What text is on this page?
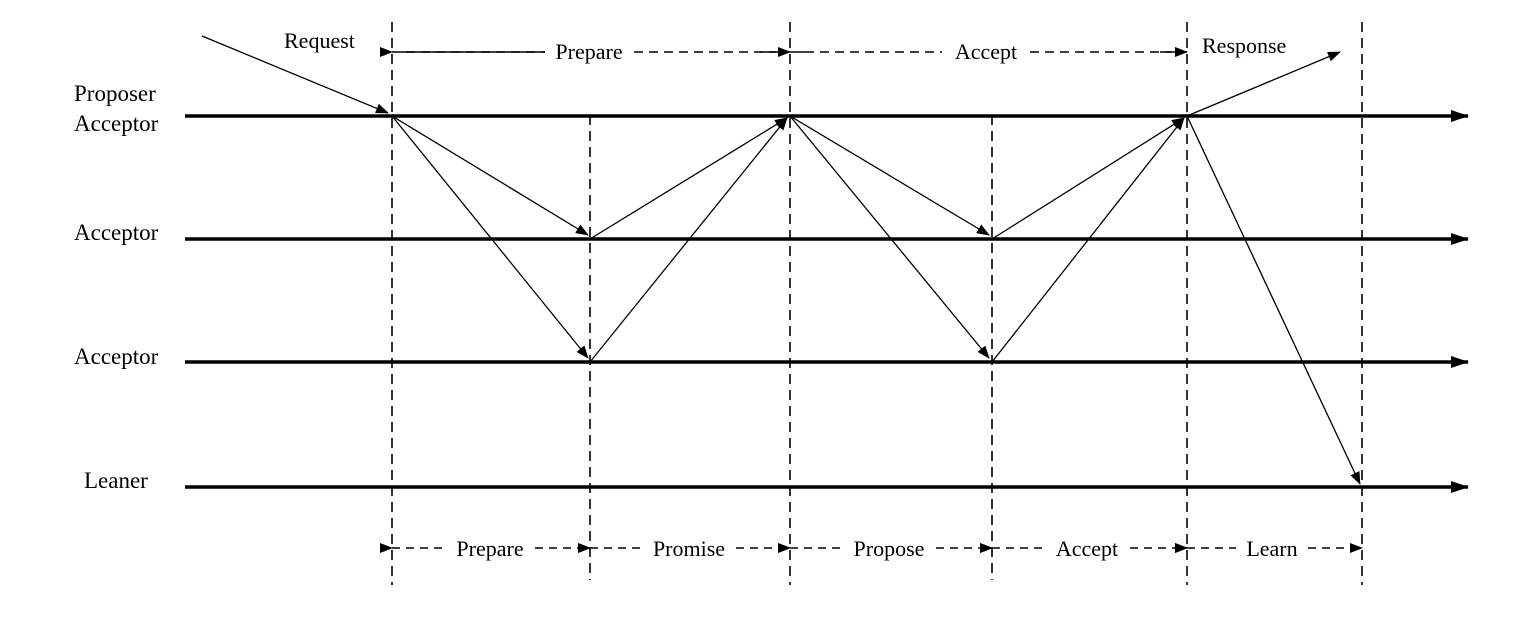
Proposer
Acceptor
Acceptor
Acceptor
Leaner
Request	Response
Prepare	Accept
Prepare	Promise	Propose	Accept	Learn
